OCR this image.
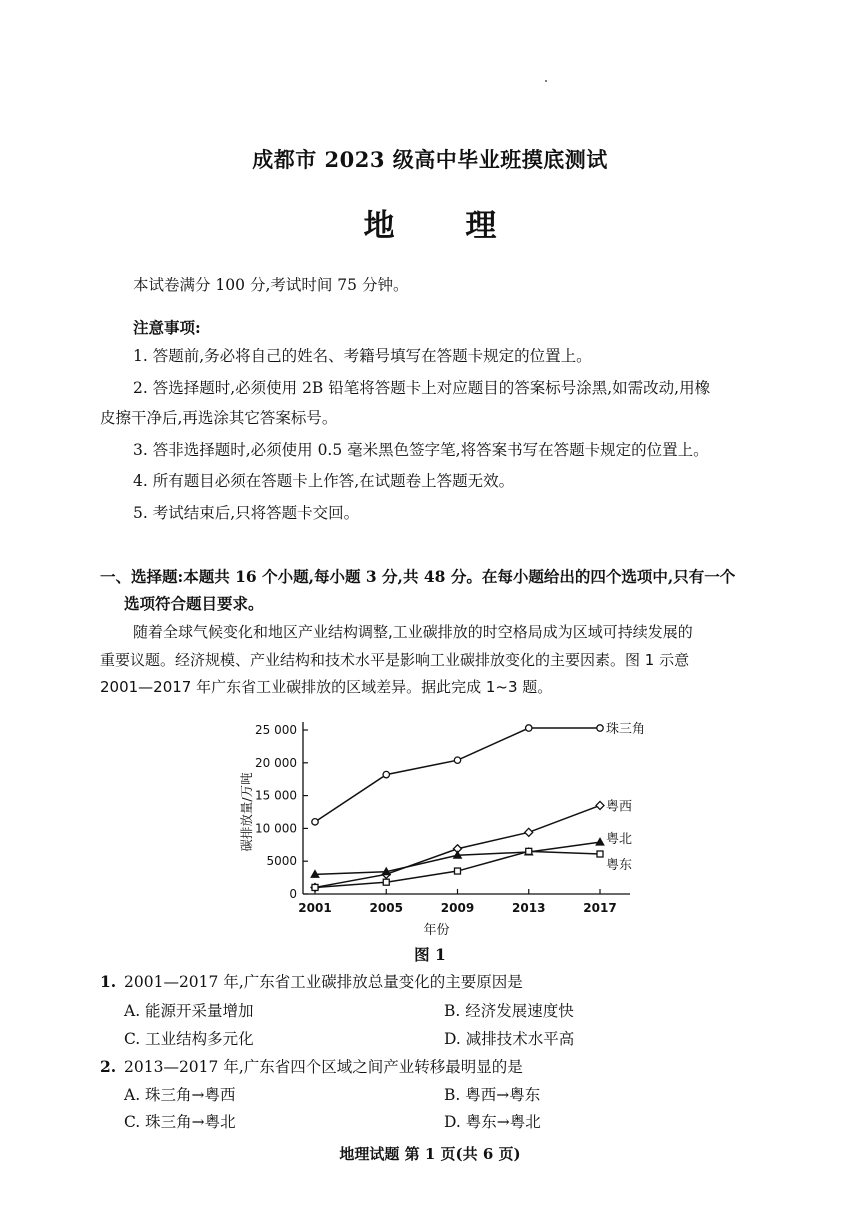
成都市 2023 级高中毕业班摸底测试
地 理
本试卷满分 100 分,考试时间 75 分钟。
注意事项:
1. 答题前,务必将自己的姓名、考籍号填写在答题卡规定的位置上。
2. 答选择题时,必须使用 2B 铅笔将答题卡上对应题目的答案标号涂黑,如需改动,用橡
皮擦干净后,再选涂其它答案标号。
3. 答非选择题时,必须使用 0.5 毫米黑色签字笔,将答案书写在答题卡规定的位置上。
4. 所有题目必须在答题卡上作答,在试题卷上答题无效。
5. 考试结束后,只将答题卡交回。
一、选择题:本题共 16 个小题,每小题 3 分,共 48 分。在每小题给出的四个选项中,只有一个
选项符合题目要求。
随着全球气候变化和地区产业结构调整,工业碳排放的时空格局成为区域可持续发展的
重要议题。经济规模、产业结构和技术水平是影响工业碳排放变化的主要因素。图 1 示意
2001—2017 年广东省工业碳排放的区域差异。据此完成 1~3 题。
0
5000
10 000
15 000
20 000
25 000
2001	2005	2009	2013	2017
年份
碳排放量/万吨
珠三角
粤西
粤北
粤东
图 1
1. 2001—2017 年,广东省工业碳排放总量变化的主要原因是
A. 能源开采量增加	B. 经济发展速度快
C. 工业结构多元化	D. 减排技术水平高
2. 2013—2017 年,广东省四个区域之间产业转移最明显的是
A. 珠三角→粤西	B. 粤西→粤东
C. 珠三角→粤北	D. 粤东→粤北
地理试题 第 1 页(共 6 页)
